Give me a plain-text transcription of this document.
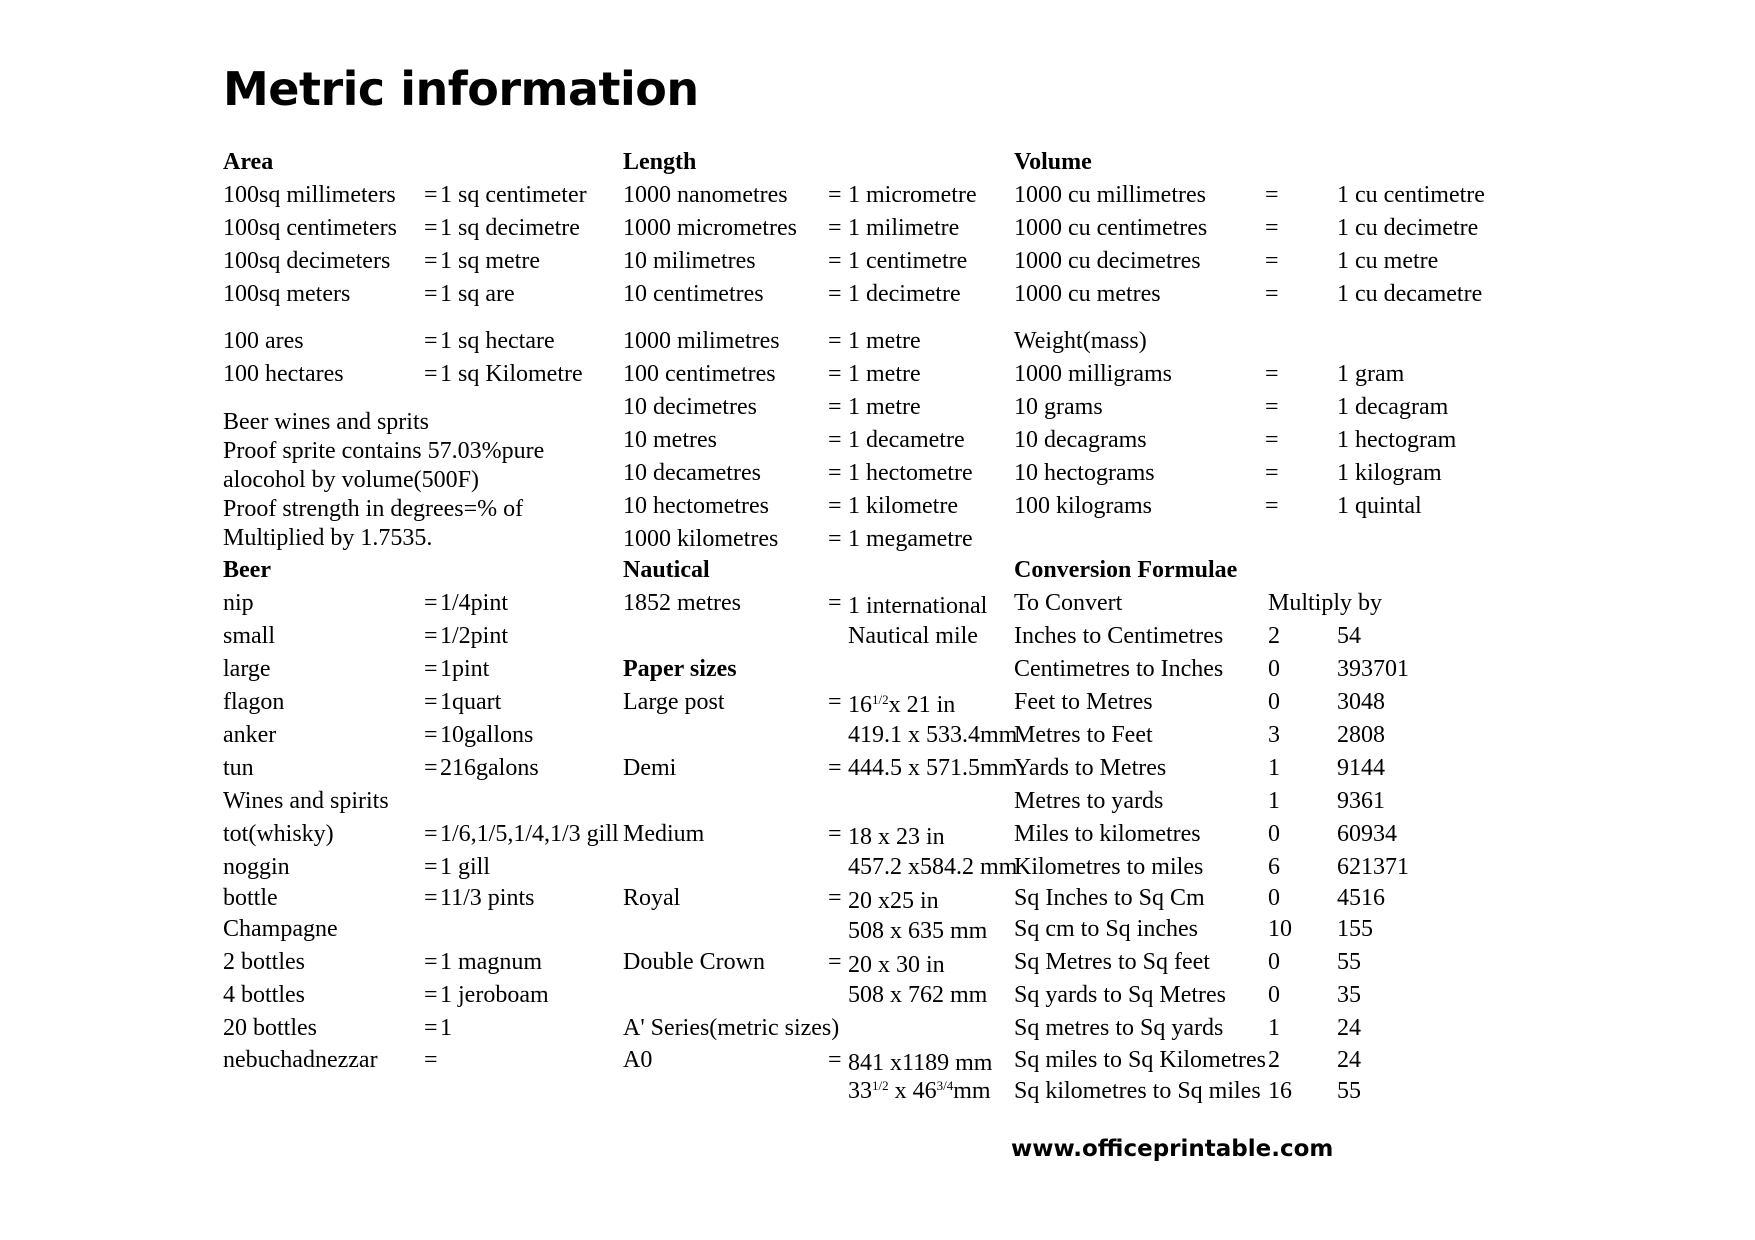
Metric information
Area
100sq millimeters = 1 sq centimeter
100sq centimeters = 1 sq decimetre
100sq decimeters = 1 sq metre
100sq meters	= 1 sq are
100 ares	= 1 sq hectare
100 hectares	= 1 sq Kilometre
Beer wines and sprits
Proof sprite contains 57.03%pure
alocohol by volume(500F)
Proof strength in degrees=% of
Multiplied by 1.7535.
Beer
nip	= 1/4pint
small	= 1/2pint
large	= 1pint
flagon	= 1quart
anker	= 10gallons
tun	= 216galons
Wines and spirits
tot(whisky)	= 1/6,1/5,1/4,1/3 gill
noggin	= 1 gill
bottle	= 11/3 pints
Champagne
2 bottles	= 1 magnum
4 bottles	= 1 jeroboam
20 bottles	= 1
nebuchadnezzar =
Length
1000 nanometres = 1 micrometre
1000 micrometres = 1 milimetre
10 milimetres	= 1 centimetre
10 centimetres	= 1 decimetre
1000 milimetres = 1 metre
100 centimetres = 1 metre
10 decimetres	= 1 metre
10 metres	= 1 decametre
10 decametres	= 1 hectometre
10 hectometres = 1 kilometre
1000 kilometres = 1 megametre
Nautical
1852 metres	= 1 international
Nautical mile
Paper sizes
Large post	= $16^{1/2}x$ 21 in
419.1 x 533.4mm
Demi	= 444.5 x 571.5mm
Medium	= 18 x 23 in
457.2 x584.2 mm
Royal	= 20 x25 in
508 x 635 mm
Double Crown	= 20 x 30 in
508 x 762 mm
A' Series(metric sizes)
A0	= 841 x1189 mm
$33^{1/2}$ x $46^{3/4}mm$
Volume
1000 cu millimetres = 1 cu centimetre
1000 cu centimetres = 1 cu decimetre
1000 cu decimetres	= 1 cu metre
1000 cu metres	= 1 cu decametre
Weight(mass)
1000 milligrams	= 1 gram
10 grams	= 1 decagram
10 decagrams	= 1 hectogram
10 hectograms	= 1 kilogram
100 kilograms	= 1 quintal
Conversion Formulae
To Convert	Multiply by
Inches to Centimetres 2 54
Centimetres to Inches 0 393701
Feet to Metres	0 3048
Metres to Feet	3 2808
Yards to Metres	1 9144
Metres to yards	1 9361
Miles to kilometres	0 60934
Kilometres to miles	6 621371
Sq Inches to Sq Cm	0 4516
Sq cm to Sq inches	10 155
Sq Metres to Sq feet 0 55
Sq yards to Sq Metres 0 35
Sq metres to Sq yards 1 24
Sq miles to Sq Kilometres 2 24
Sq kilometres to Sq miles 16 55
www.officeprintable.com
